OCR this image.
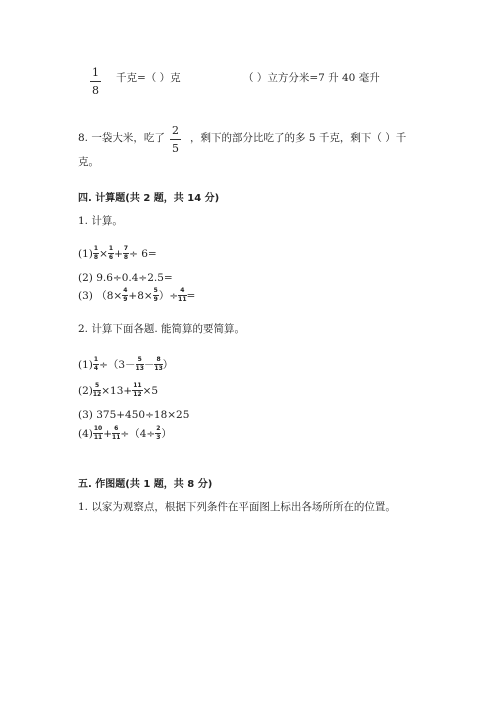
$\frac{1}{8}$ 千克=（ ）克	（ ）立方分米=7 升 40 毫升
8. 一袋大米，吃了 $\frac{2}{5}$ ，剩下的部分比吃了的多 5 千克，剩下（ ）千
克。
四. 计算题(共 2 题，共 14 分)
1. 计算。
$(1) \frac{1}{8} \times \frac{1}{6} + \frac{7}{8} \div 6=$
(2) 9.6÷0.4÷2.5=
(3) （$8\times \frac{4}{9} +8\times \frac{5}{9}$ ）÷ $\frac{4}{11}$ =
2. 计算下面各题. 能简算的要简算。
$(1) \frac{1}{4} \div(3- \frac{5}{13} - \frac{8}{13}$ ）
$(2) \frac{5}{12} \times 13+ \frac{11}{12} \times 5$
(3) 375+450÷18×25
$(4) \frac{10}{11} + \frac{6}{11} \div(4\div \frac{2}{3}$ ）
五. 作图题(共 1 题，共 8 分)
1. 以家为观察点，根据下列条件在平面图上标出各场所所在的位置。
